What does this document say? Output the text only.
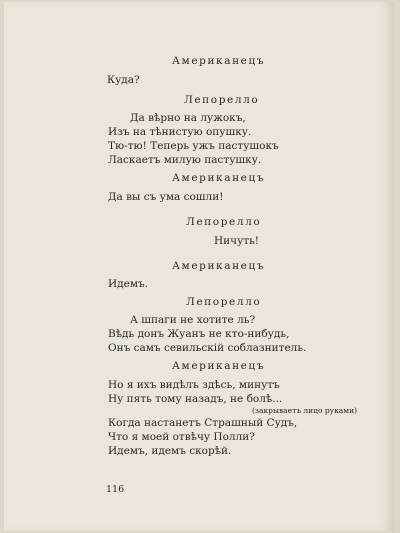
Американецъ
Куда?
Лепорелло
Да вѣрно на лужокъ,
Изъ на тѣнистую опушку.
Тю-тю! Теперь ужъ пастушокъ
Ласкаетъ милую пастушку.
Американецъ
Да вы съ ума сошли!
Лепорелло
Ничуть!
Американецъ
Идемъ.
Лепорелло
А шпаги не хотите ль?
Вѣдь донъ Жуанъ не кто-нибудь,
Онъ самъ севильскій соблазнитель.
Американецъ
Но я ихъ видѣлъ здѣсь, минутъ
Ну пять тому назадъ, не болѣ...
(закрываетъ лицо руками)
Когда настанетъ Страшный Судъ,
Что я моей отвѣчу Полли?
Идемъ, идемъ скорѣй.
116
